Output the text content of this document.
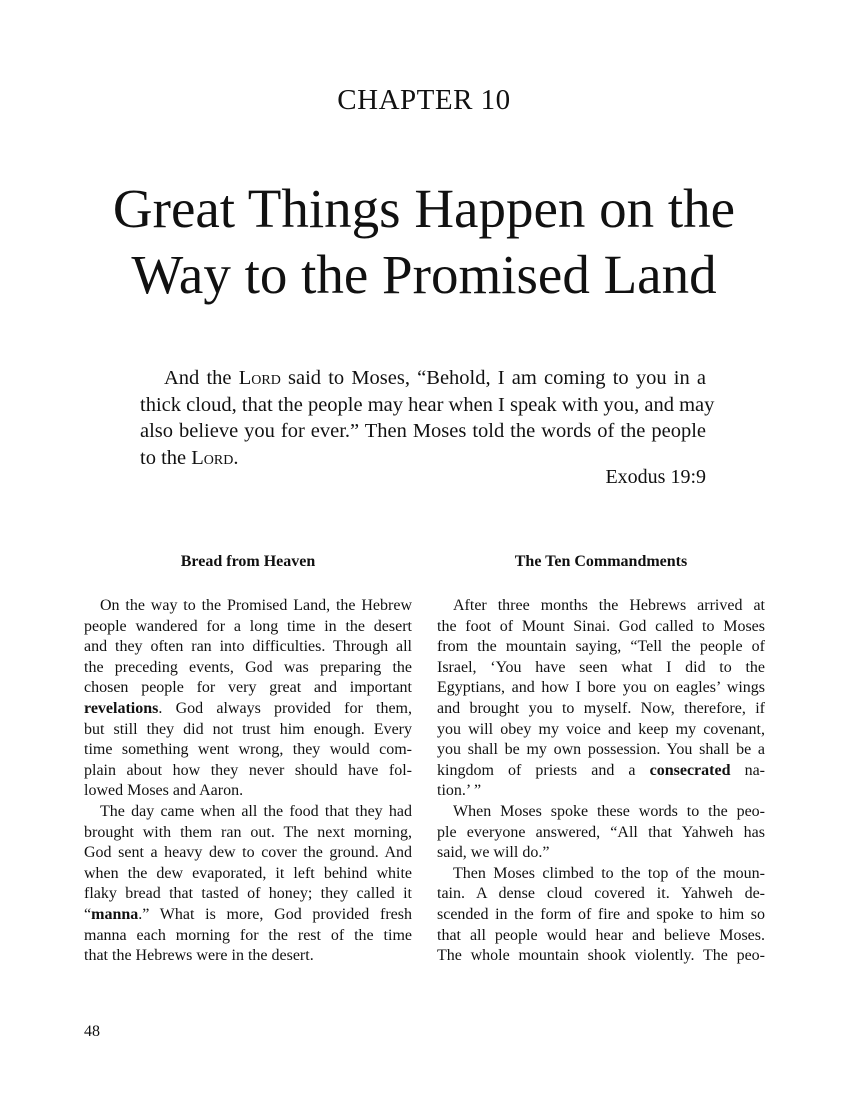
CHAPTER 10
Great Things Happen on the
Way to the Promised Land
And the Lord said to Moses, “Behold, I am coming to you in a
thick cloud, that the people may hear when I speak with you, and may
also believe you for ever.” Then Moses told the words of the people
to the Lord.
Exodus 19:9
Bread from Heaven
On the way to the Promised Land, the Hebrew
people wandered for a long time in the desert
and they often ran into difficulties. Through all
the preceding events, God was preparing the
chosen people for very great and important
revelations. God always provided for them,
but still they did not trust him enough. Every
time something went wrong, they would com-
plain about how they never should have fol-
lowed Moses and Aaron.
The day came when all the food that they had
brought with them ran out. The next morning,
God sent a heavy dew to cover the ground. And
when the dew evaporated, it left behind white
flaky bread that tasted of honey; they called it
“manna.” What is more, God provided fresh
manna each morning for the rest of the time
that the Hebrews were in the desert.
The Ten Commandments
After three months the Hebrews arrived at
the foot of Mount Sinai. God called to Moses
from the mountain saying, “Tell the people of
Israel, ‘You have seen what I did to the
Egyptians, and how I bore you on eagles’ wings
and brought you to myself. Now, therefore, if
you will obey my voice and keep my covenant,
you shall be my own possession. You shall be a
kingdom of priests and a consecrated na-
tion.’ ”
When Moses spoke these words to the peo-
ple everyone answered, “All that Yahweh has
said, we will do.”
Then Moses climbed to the top of the moun-
tain. A dense cloud covered it. Yahweh de-
scended in the form of fire and spoke to him so
that all people would hear and believe Moses.
The whole mountain shook violently. The peo-
48
